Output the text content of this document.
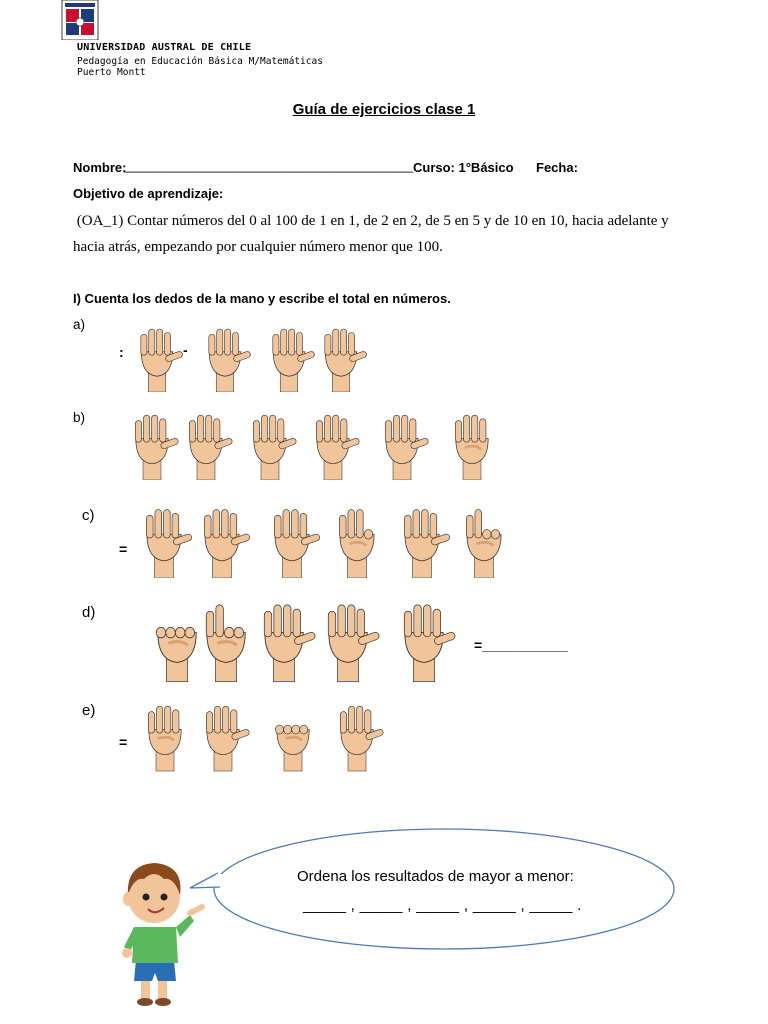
UNIVERSIDAD AUSTRAL DE CHILE
Pedagogía en Educación Básica M/Matemáticas
Puerto Montt
Guía de ejercicios clase 1
Nombre:
________________________________________ Curso: 1°Básico Fecha:
Objetivo de aprendizaje:
(OA_1) Contar números del 0 al 100 de 1 en 1, de 2 en 2, de 5 en 5 y de 10 en 10, hacia adelante y
hacia atrás, empezando por cualquier número menor que 100.
I) Cuenta los dedos de la mano y escribe el total en números.
a)
b)
c)
d)
e)
:	-
=
=___________
=
Ordena los resultados de mayor a menor:
_____ , _____ , _____ , _____ , _____ .
